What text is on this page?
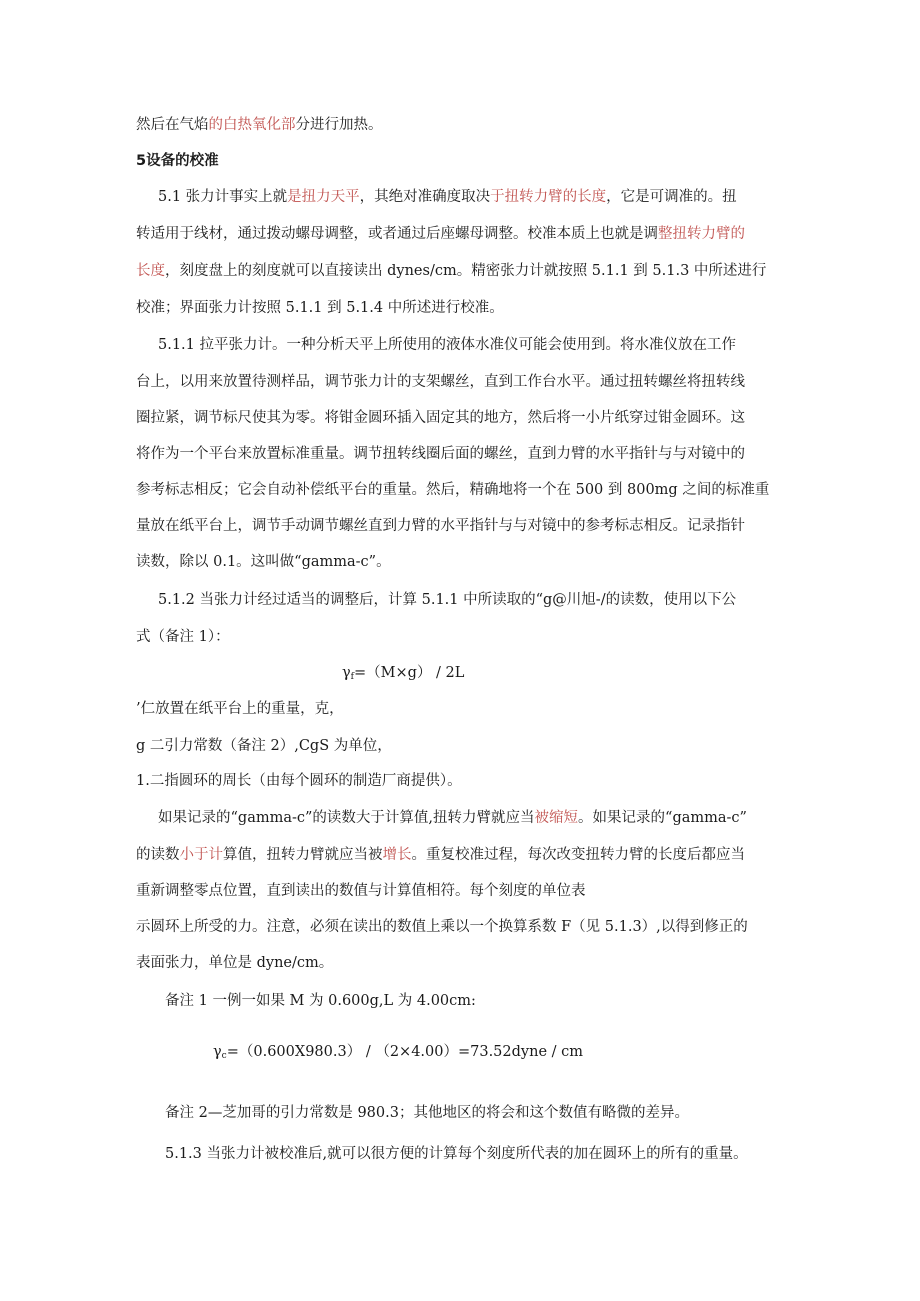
然后在气焰的白热氧化部分进行加热。
5设备的校准
5.1 张力计事实上就是扭力天平，其绝对准确度取决于扭转力臂的长度，它是可调准的。扭
转适用于线材，通过拨动螺母调整，或者通过后座螺母调整。校准本质上也就是调整扭转力臂的
长度，刻度盘上的刻度就可以直接读出 dynes/cm。精密张力计就按照 5.1.1 到 5.1.3 中所述进行
校准；界面张力计按照 5.1.1 到 5.1.4 中所述进行校准。
5.1.1 拉平张力计。一种分析天平上所使用的液体水准仪可能会使用到。将水准仪放在工作
台上，以用来放置待测样品，调节张力计的支架螺丝，直到工作台水平。通过扭转螺丝将扭转线
圈拉紧，调节标尺使其为零。将钳金圆环插入固定其的地方，然后将一小片纸穿过钳金圆环。这
将作为一个平台来放置标准重量。调节扭转线圈后面的螺丝，直到力臂的水平指针与与对镜中的
参考标志相反；它会自动补偿纸平台的重量。然后，精确地将一个在 500 到 800mg 之间的标准重
量放在纸平台上，调节手动调节螺丝直到力臂的水平指针与与对镜中的参考标志相反。记录指针
读数，除以 0.1。这叫做“gamma-c”。
5.1.2 当张力计经过适当的调整后，计算 5.1.1 中所读取的“g@川旭-/的读数，使用以下公
式（备注 1）：
$\gamma_f=(M\times g) / 2L$
’仁放置在纸平台上的重量，克，
g 二引力常数（备注 2）,CgS 为单位，
1.二指圆环的周长（由每个圆环的制造厂商提供）。
如果记录的“gamma-c”的读数大于计算值,扭转力臂就应当被缩短。如果记录的“gamma-c”
的读数小于计算值，扭转力臂就应当被增长。重复校准过程，每次改变扭转力臂的长度后都应当
重新调整零点位置，直到读出的数值与计算值相符。每个刻度的单位表
示圆环上所受的力。注意，必须在读出的数值上乘以一个换算系数 F（见 5.1.3）,以得到修正的
表面张力，单位是 dyne/cm。
备注 1 一例一如果 M 为 0.600g,L 为 4.00cm:
$\gamma_c=(0.600X980.3)$ / （2×4.00）=73.52dyne / cm
备注 2—芝加哥的引力常数是 980.3；其他地区的将会和这个数值有略微的差异。
5.1.3 当张力计被校准后,就可以很方便的计算每个刻度所代表的加在圆环上的所有的重量。
